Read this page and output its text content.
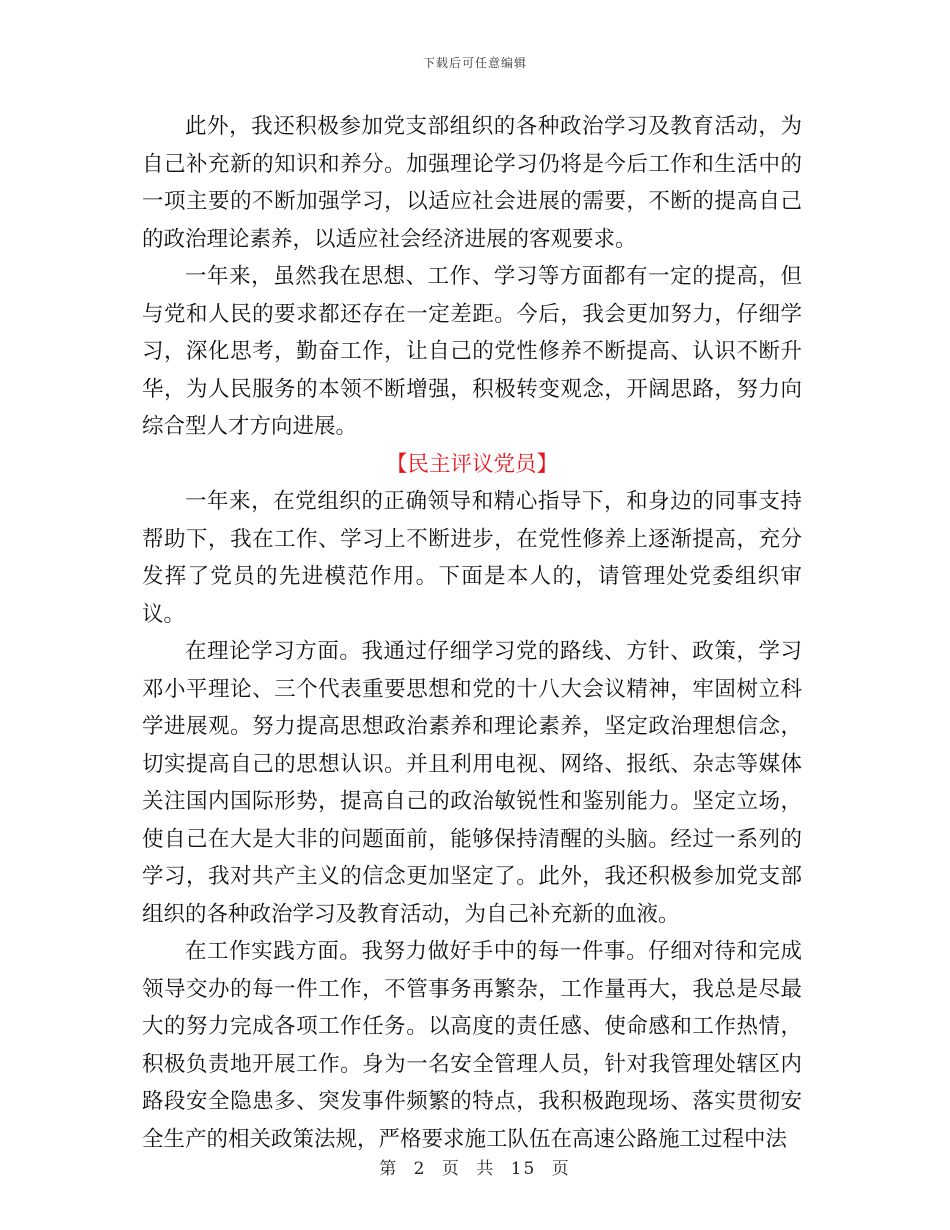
下载后可任意编辑

此外，我还积极参加党支部组织的各种政治学习及教育活动，为自己补充新的知识和养分。加强理论学习仍将是今后工作和生活中的一项主要的不断加强学习，以适应社会进展的需要，不断的提高自己的政治理论素养，以适应社会经济进展的客观要求。

一年来，虽然我在思想、工作、学习等方面都有一定的提高，但与党和人民的要求都还存在一定差距。今后，我会更加努力，仔细学习，深化思考，勤奋工作，让自己的党性修养不断提高、认识不断升华，为人民服务的本领不断增强，积极转变观念，开阔思路，努力向综合型人才方向进展。

【民主评议党员】

一年来，在党组织的正确领导和精心指导下，和身边的同事支持帮助下，我在工作、学习上不断进步，在党性修养上逐渐提高，充分发挥了党员的先进模范作用。下面是本人的，请管理处党委组织审议。

在理论学习方面。我通过仔细学习党的路线、方针、政策，学习邓小平理论、三个代表重要思想和党的十八大会议精神，牢固树立科学进展观。努力提高思想政治素养和理论素养，坚定政治理想信念，切实提高自己的思想认识。并且利用电视、网络、报纸、杂志等媒体关注国内国际形势，提高自己的政治敏锐性和鉴别能力。坚定立场，使自己在大是大非的问题面前，能够保持清醒的头脑。经过一系列的学习，我对共产主义的信念更加坚定了。此外，我还积极参加党支部组织的各种政治学习及教育活动，为自己补充新的血液。

在工作实践方面。我努力做好手中的每一件事。仔细对待和完成领导交办的每一件工作，不管事务再繁杂，工作量再大，我总是尽最大的努力完成各项工作任务。以高度的责任感、使命感和工作热情，积极负责地开展工作。身为一名安全管理人员，针对我管理处辖区内路段安全隐患多、突发事件频繁的特点，我积极跑现场、落实贯彻安全生产的相关政策法规，严格要求施工队伍在高速公路施工过程中法

第 2 页 共 15 页
